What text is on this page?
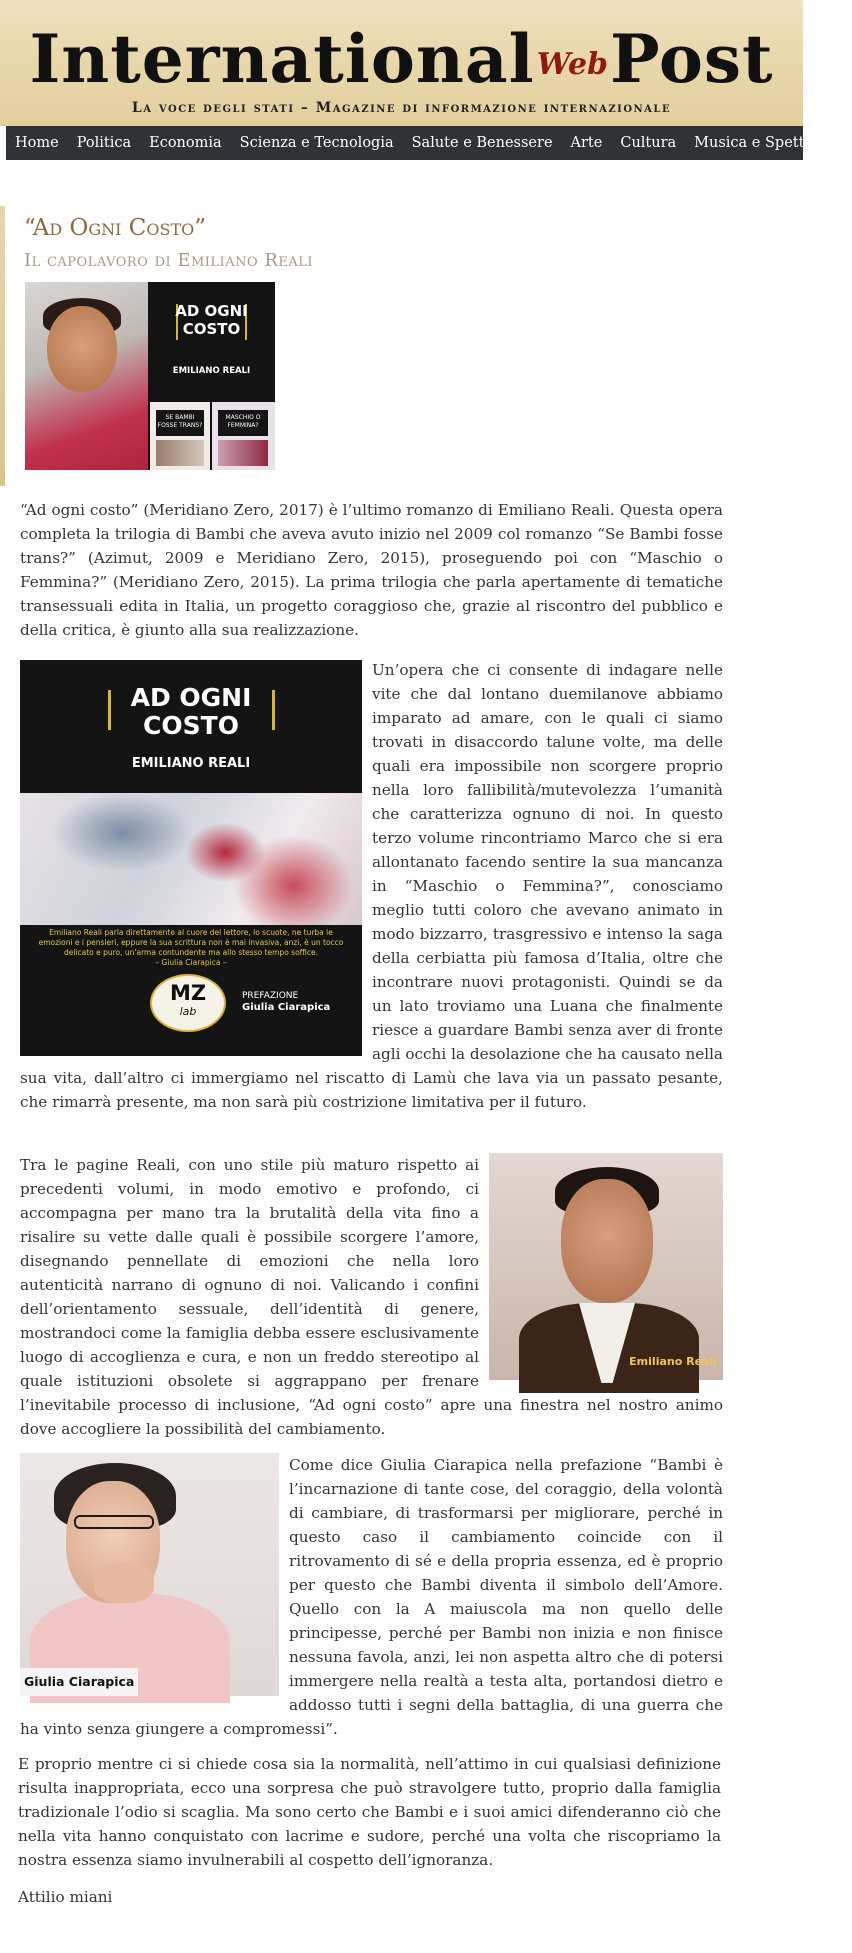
InternationalWebPost
La voce degli stati – Magazine di informazione internazionale
Home	Politica	Economia	Scienza e Tecnologia	Salute e Benessere	Arte	Cultura	Musica e Spettacolo
“Ad Ogni Costo”
Il capolavoro di Emiliano Reali
AD OGNI
COSTO
EMILIANO REALI
SE BAMBI FOSSE TRANS?
MASCHIO O FEMMINA?

“Ad ogni costo” (Meridiano Zero, 2017) è l’ultimo romanzo di Emiliano Reali. Questa opera completa la trilogia di Bambi che aveva avuto inizio nel 2009 col romanzo “Se Bambi fosse trans?” (Azimut, 2009 e Meridiano Zero, 2015), proseguendo poi con “Maschio o Femmina?” (Meridiano Zero, 2015). La prima trilogia che parla apertamente di tematiche transessuali edita in Italia, un progetto coraggioso che, grazie al riscontro del pubblico e della critica, è giunto alla sua realizzazione.

AD OGNI
COSTO
EMILIANO REALI
Emiliano Reali parla direttamente al cuore del lettore, lo scuote, ne turba le emozioni e i pensieri, eppure la sua scrittura non è mai invasiva, anzi, è un tocco delicato e puro, un'arma contundente ma allo stesso tempo soffice.
– Giulia Ciarapica –
MZ
lab
PREFAZIONE
Giulia Ciarapica
Un’opera che ci consente di indagare nelle vite che dal lontano duemilanove abbiamo imparato ad amare, con le quali ci siamo trovati in disaccordo talune volte, ma delle quali era impossibile non scorgere proprio nella loro fallibilità/mutevolezza l’umanità che caratterizza ognuno di noi. In questo terzo volume rincontriamo Marco che si era allontanato facendo sentire la sua mancanza in “Maschio o Femmina?”, conosciamo meglio tutti coloro che avevano animato in modo bizzarro, trasgressivo e intenso la saga della cerbiatta più famosa d’Italia, oltre che incontrare nuovi protagonisti. Quindi se da un lato troviamo una Luana che finalmente riesce a guardare Bambi senza aver di fronte agli occhi la desolazione che ha causato nella sua vita, dall’altro ci immergiamo nel riscatto di Lamù che lava via un passato pesante, che rimarrà presente, ma non sarà più costrizione limitativa per il futuro.
Emiliano Reali
Tra le pagine Reali, con uno stile più maturo rispetto ai precedenti volumi, in modo emotivo e profondo, ci accompagna per mano tra la brutalità della vita fino a risalire su vette dalle quali è possibile scorgere l’amore, disegnando pennellate di emozioni che nella loro autenticità narrano di ognuno di noi. Valicando i confini dell’orientamento sessuale, dell’identità di genere, mostrandoci come la famiglia debba essere esclusivamente luogo di accoglienza e cura, e non un freddo stereotipo al quale istituzioni obsolete si aggrappano per frenare l’inevitabile processo di inclusione, “Ad ogni costo” apre una finestra nel nostro animo dove accogliere la possibilità del cambiamento.
Giulia Ciarapica
Come dice Giulia Ciarapica nella prefazione “Bambi è l’incarnazione di tante cose, del coraggio, della volontà di cambiare, di trasformarsi per migliorare, perché in questo caso il cambiamento coincide con il ritrovamento di sé e della propria essenza, ed è proprio per questo che Bambi diventa il simbolo dell’Amore. Quello con la A maiuscola ma non quello delle principesse, perché per Bambi non inizia e non finisce nessuna favola, anzi, lei non aspetta altro che di potersi immergere nella realtà a testa alta, portandosi dietro e addosso tutti i segni della battaglia, di una guerra che ha vinto senza giungere a compromessi”.

E proprio mentre ci si chiede cosa sia la normalità, nell’attimo in cui qualsiasi definizione risulta inappropriata, ecco una sorpresa che può stravolgere tutto, proprio dalla famiglia tradizionale l’odio si scaglia. Ma sono certo che Bambi e i suoi amici difenderanno ciò che nella vita hanno conquistato con lacrime e sudore, perché una volta che riscopriamo la nostra essenza siamo invulnerabili al cospetto dell’ignoranza.

Attilio miani
